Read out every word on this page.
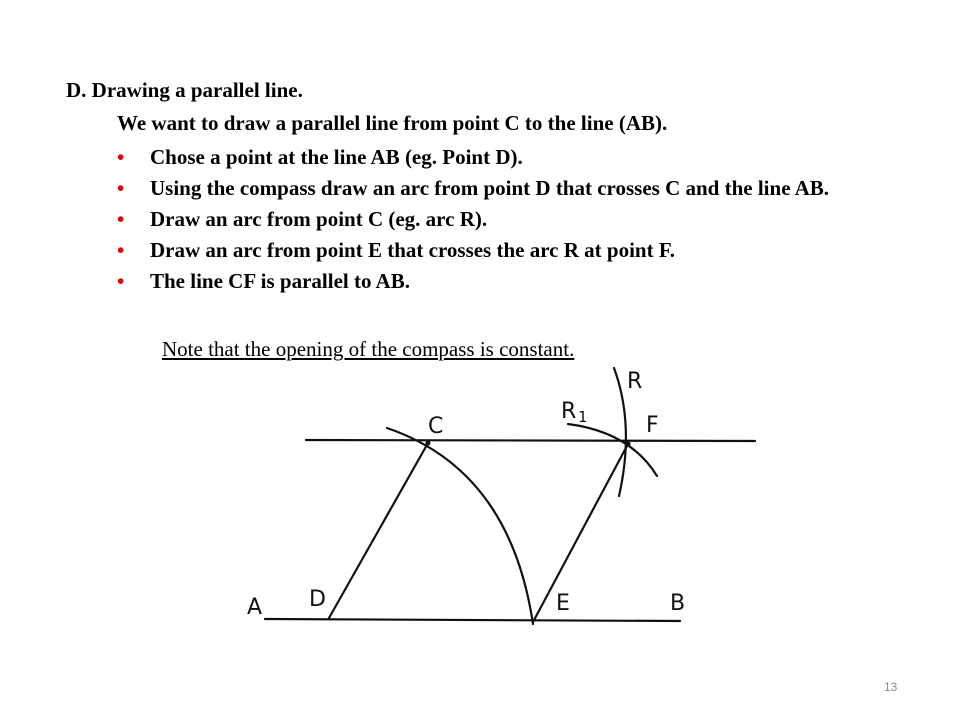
D. Drawing a parallel line.
We want to draw a parallel line from point C to the line (AB).
• Chose a point at the line AB (eg. Point D).
• Using the compass draw an arc from point D that crosses C and the line AB.
• Draw an arc from point C (eg. arc R).
• Draw an arc from point E that crosses the arc R at point F.
• The line CF is parallel to AB.
Note that the opening of the compass is constant.
A D	E	B
C	F
R
R 1
13
